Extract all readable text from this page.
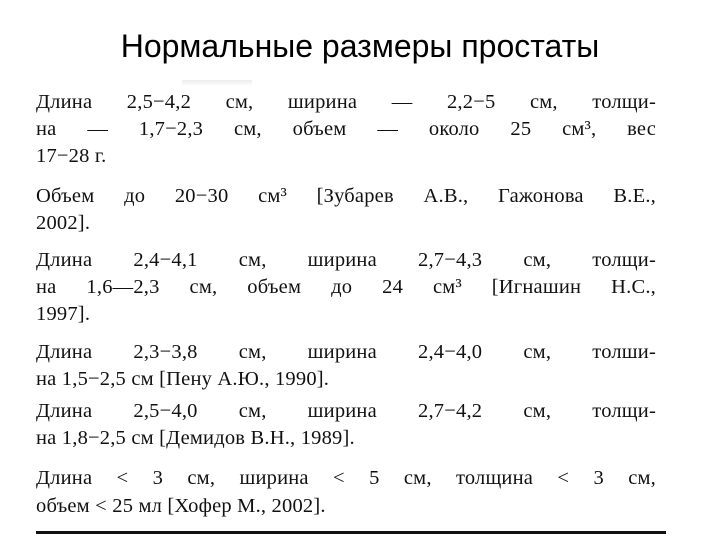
Нормальные размеры простаты
Длина 2,5−4,2 см, ширина — 2,2−5 см, толщи-
на — 1,7−2,3 см, объем — около 25 см³, вес
17−28 г.
Объем до 20−30 см³ [Зубарев А.В., Гажонова В.Е.,
2002].
Длина 2,4−4,1 см, ширина 2,7−4,3 см, толщи-
на 1,6—2,3 см, объем до 24 см³ [Игнашин Н.С.,
1997].
Длина 2,3−3,8 см, ширина 2,4−4,0 см, толши-
на 1,5−2,5 см [Пену А.Ю., 1990].
Длина 2,5−4,0 см, ширина 2,7−4,2 см, толщи-
на 1,8−2,5 см [Демидов В.Н., 1989].
Длина < 3 см, ширина < 5 см, толщина < 3 см,
объем < 25 мл [Хофер М., 2002].
